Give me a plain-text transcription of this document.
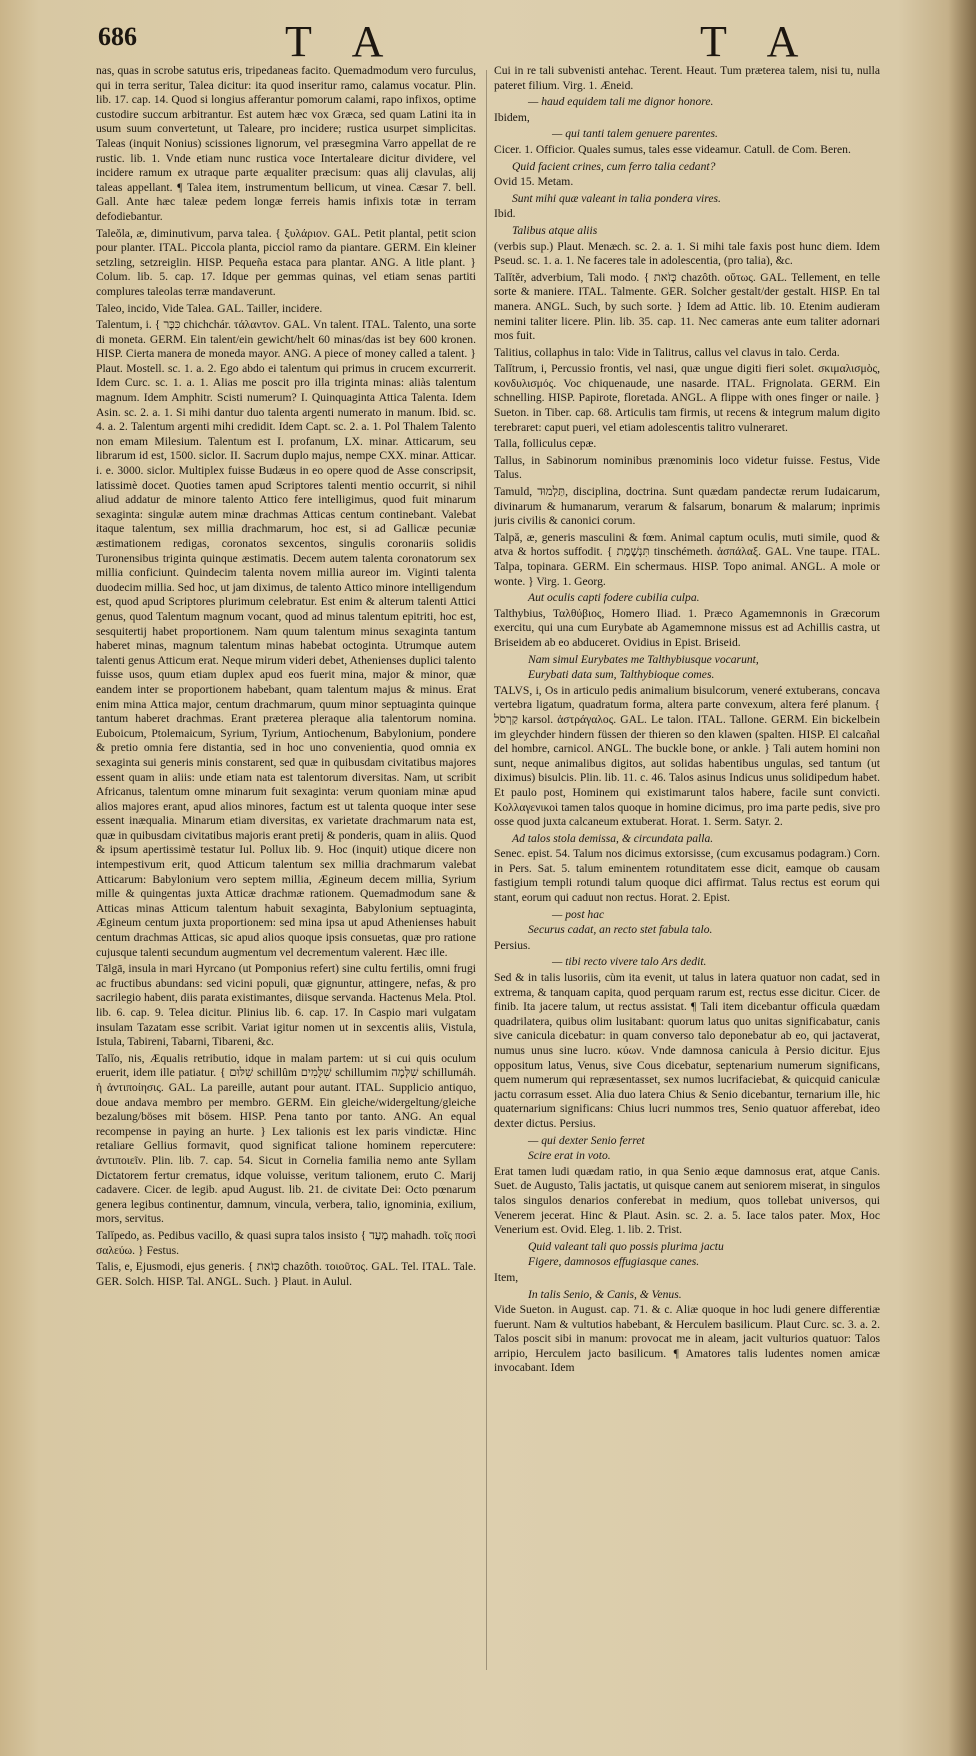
686	T A	T A

nas, quas in scrobe satutus eris, tripedaneas facito. Quemadmodum vero furculus, qui in terra seritur, Talea dicitur: ita quod inseritur ramo, calamus vocatur. Plin. lib. 17. cap. 14. Quod si longius afferantur pomorum calami, rapo infixos, optime custodire succum arbitrantur. Est autem hæc vox Græca, sed quam Latini ita in usum suum convertetunt, ut Taleare, pro incidere; rustica usurpet simplicitas. Taleas (inquit Nonius) scissiones lignorum, vel præsegmina Varro appellat de re rustic. lib. 1. Vnde etiam nunc rustica voce Intertaleare dicitur dividere, vel incidere ramum ex utraque parte æqualiter præcisum: quas alij clavulas, alij taleas appellant. ¶ Talea item, instrumentum bellicum, ut vinea. Cæsar 7. bell. Gall. Ante hæc taleæ pedem longæ ferreis hamis infixis totæ in terram defodiebantur.

Taleŏla, æ, diminutivum, parva talea. { ξυλάριον. GAL. Petit plantal, petit scion pour planter. ITAL. Piccola planta, picciol ramo da piantare. GERM. Ein kleiner setzling, setzreiglin. HISP. Pequeña estaca para plantar. ANG. A litle plant. } Colum. lib. 5. cap. 17. Idque per gemmas quinas, vel etiam senas partiti complures taleolas terræ mandaverunt.

Taleo, incido, Vide Talea. GAL. Tailler, incidere.

Talentum, i. { כִּכָּר chichchár. τάλαντον. GAL. Vn talent. ITAL. Talento, una sorte di moneta. GERM. Ein talent/ein gewicht/helt 60 minas/das ist bey 600 kronen. HISP. Cierta manera de moneda mayor. ANG. A piece of money called a talent. } Plaut. Mostell. sc. 1. a. 2. Ego abdo ei talentum qui primus in crucem excurrerit. Idem Curc. sc. 1. a. 1. Alias me poscit pro illa triginta minas: aliàs talentum magnum. Idem Amphitr. Scisti numerum? I. Quinquaginta Attica Talenta. Idem Asin. sc. 2. a. 1. Si mihi dantur duo talenta argenti numerato in manum. Ibid. sc. 4. a. 2. Talentum argenti mihi credidit. Idem Capt. sc. 2. a. 1. Pol Thalem Talento non emam Milesium. Talentum est I. profanum, LX. minar. Atticarum, seu librarum id est, 1500. siclor. II. Sacrum duplo majus, nempe CXX. minar. Atticar. i. e. 3000. siclor. Multiplex fuisse Budæus in eo opere quod de Asse conscripsit, latissimè docet. Quoties tamen apud Scriptores talenti mentio occurrit, si nihil aliud addatur de minore talento Attico fere intelligimus, quod fuit minarum sexaginta: singulæ autem minæ drachmas Atticas centum continebant. Valebat itaque talentum, sex millia drachmarum, hoc est, si ad Gallicæ pecuniæ æstimationem redigas, coronatos sexcentos, singulis coronariis solidis Turonensibus triginta quinque æstimatis. Decem autem talenta coronatorum sex millia conficiunt. Quindecim talenta novem millia aureor im. Viginti talenta duodecim millia. Sed hoc, ut jam diximus, de talento Attico minore intelligendum est, quod apud Scriptores plurimum celebratur. Est enim & alterum talenti Attici genus, quod Talentum magnum vocant, quod ad minus talentum epitriti, hoc est, sesquitertij habet proportionem. Nam quum talentum minus sexaginta tantum haberet minas, magnum talentum minas habebat octoginta. Utrumque autem talenti genus Atticum erat. Neque mirum videri debet, Athenienses duplici talento fuisse usos, quum etiam duplex apud eos fuerit mina, major & minor, quæ eandem inter se proportionem habebant, quam talentum majus & minus. Erat enim mina Attica major, centum drachmarum, quum minor septuaginta quinque tantum haberet drachmas. Erant præterea pleraque alia talentorum nomina. Euboicum, Ptolemaicum, Syrium, Tyrium, Antiochenum, Babylonium, pondere & pretio omnia fere distantia, sed in hoc uno convenientia, quod omnia ex sexaginta sui generis minis constarent, sed quæ in quibusdam civitatibus majores essent quam in aliis: unde etiam nata est talentorum diversitas. Nam, ut scribit Africanus, talentum omne minarum fuit sexaginta: verum quoniam minæ apud alios majores erant, apud alios minores, factum est ut talenta quoque inter sese essent inæqualia. Minarum etiam diversitas, ex varietate drachmarum nata est, quæ in quibusdam civitatibus majoris erant pretij & ponderis, quam in aliis. Quod & ipsum apertissimè testatur Iul. Pollux lib. 9. Hoc (inquit) utique dicere non intempestivum erit, quod Atticum talentum sex millia drachmarum valebat Atticarum: Babylonium vero septem millia, Ægineum decem millia, Syrium mille & quingentas juxta Atticæ drachmæ rationem. Quemadmodum sane & Atticas minas Atticum talentum habuit sexaginta, Babylonium septuaginta, Ægineum centum juxta proportionem: sed mina ipsa ut apud Athenienses habuit centum drachmas Atticas, sic apud alios quoque ipsis consuetas, quæ pro ratione cujusque talenti secundum augmentum vel decrementum valerent. Hæc ille.

Tālgā, insula in mari Hyrcano (ut Pomponius refert) sine cultu fertilis, omni frugi ac fructibus abundans: sed vicini populi, quæ gignuntur, attingere, nefas, & pro sacrilegio habent, diis parata existimantes, diisque servanda. Hactenus Mela. Ptol. lib. 6. cap. 9. Telea dicitur. Plinius lib. 6. cap. 17. In Caspio mari vulgatam insulam Tazatam esse scribit. Variat igitur nomen ut in sexcentis aliis, Vistula, Istula, Tabireni, Tabarni, Tibareni, &c.

Talĭo, nis, Æqualis retributio, idque in malam partem: ut si cui quis oculum eruerit, idem ille patiatur. { שִׁלּוּם schillûm שִׁלֻּמִים schillumim שִׁלְּמָה schillumáh. ἡ ἀντιποίησις. GAL. La pareille, autant pour autant. ITAL. Supplicio antiquo, doue andava membro per membro. GERM. Ein gleiche/widergeltung/gleiche bezalung/böses mit bösem. HISP. Pena tanto por tanto. ANG. An equal recompense in paying an hurte. } Lex talionis est lex paris vindictæ. Hinc retaliare Gellius formavit, quod significat talione hominem repercutere: ἀντιποιεῖν. Plin. lib. 7. cap. 54. Sicut in Cornelia familia nemo ante Syllam Dictatorem fertur crematus, idque voluisse, veritum talionem, eruto C. Marij cadavere. Cicer. de legib. apud August. lib. 21. de civitate Dei: Octo pœnarum genera legibus continentur, damnum, vincula, verbera, talio, ignominia, exilium, mors, servitus.

Talĭpedo, as. Pedibus vacillo, & quasi supra talos insisto { מָעַד mahadh. τοῖς ποσὶ σαλεύω. } Festus.

Talis, e, Ejusmodi, ejus generis. { כָּזֹאת chazôth. τοιοῦτος. GAL. Tel. ITAL. Tale. GER. Solch. HISP. Tal. ANGL. Such. } Plaut. in Aulul.

Cui in re tali subvenisti antehac. Terent. Heaut. Tum præterea talem, nisi tu, nulla pateret filium. Virg. 1. Æneid.

— haud equidem tali me dignor honore.

Ibidem,

— qui tanti talem genuere parentes.

Cicer. 1. Officior. Quales sumus, tales esse videamur. Catull. de Com. Beren.

Quid facient crines, cum ferro talia cedant?

Ovid 15. Metam.

Sunt mihi quæ valeant in talia pondera vires.

Ibid.

Talibus atque aliis

(verbis sup.) Plaut. Menæch. sc. 2. a. 1. Si mihi tale faxis post hunc diem. Idem Pseud. sc. 1. a. 1. Ne faceres tale in adolescentia, (pro talia), &c.

Talĭtĕr, adverbium, Tali modo. { כָּזֹאת chazôth. οὕτως. GAL. Tellement, en telle sorte & maniere. ITAL. Talmente. GER. Solcher gestalt/der gestalt. HISP. En tal manera. ANGL. Such, by such sorte. } Idem ad Attic. lib. 10. Etenim audieram nemini taliter licere. Plin. lib. 35. cap. 11. Nec cameras ante eum taliter adornari mos fuit.

Talitius, collaphus in talo: Vide in Talitrus, callus vel clavus in talo. Cerda.

Talĭtrum, i, Percussio frontis, vel nasi, quæ ungue digiti fieri solet. σκιμαλισμὸς, κονδυλισμός. Voc chiquenaude, une nasarde. ITAL. Frignolata. GERM. Ein schnelling. HISP. Papirote, floretada. ANGL. A flippe with ones finger or naile. } Sueton. in Tiber. cap. 68. Articulis tam firmis, ut recens & integrum malum digito terebraret: caput pueri, vel etiam adolescentis talitro vulneraret.

Talla, folliculus cepæ.

Tallus, in Sabinorum nominibus prænominis loco videtur fuisse. Festus, Vide Talus.

Tamuld, תַּלְמוּד, disciplina, doctrina. Sunt quædam pandectæ rerum Iudaicarum, divinarum & humanarum, verarum & falsarum, bonarum & malarum; inprimis juris civilis & canonici corum.

Talpă, æ, generis masculini & fœm. Animal captum oculis, muti simile, quod & atva & hortos suffodit. { תִּנְשֶׁמֶת tinschémeth. ἀσπάλαξ. GAL. Vne taupe. ITAL. Talpa, topinara. GERM. Ein schermaus. HISP. Topo animal. ANGL. A mole or wonte. } Virg. 1. Georg.

Aut oculis capti fodere cubilia culpa.

Talthybius, Ταλθύβιος, Homero Iliad. 1. Præco Agamemnonis in Græcorum exercitu, qui una cum Eurybate ab Agamemnone missus est ad Achillis castra, ut Briseidem ab eo abduceret. Ovidius in Epist. Briseid.

Nam simul Eurybates me Talthybiusque vocarunt,

Eurybati data sum, Talthybioque comes.

TALVS, i, Os in articulo pedis animalium bisulcorum, veneré extuberans, concava vertebra ligatum, quadratum forma, altera parte convexum, altera feré planum. { קַרְסֹל karsol. ἀστράγαλος. GAL. Le talon. ITAL. Tallone. GERM. Ein bickelbein im gleychder hindern füssen der thieren so den klawen (spalten. HISP. El calcañal del hombre, carnicol. ANGL. The buckle bone, or ankle. } Tali autem homini non sunt, neque animalibus digitos, aut solidas habentibus ungulas, sed tantum (ut diximus) bisulcis. Plin. lib. 11. c. 46. Talos asinus Indicus unus solidipedum habet. Et paulo post, Hominem qui existimarunt talos habere, facile sunt convicti. Κολλαγενικοὶ tamen talos quoque in homine dicimus, pro ima parte pedis, sive pro osse quod juxta calcaneum extuberat. Horat. 1. Serm. Satyr. 2.

Ad talos stola demissa, & circundata palla.

Senec. epist. 54. Talum nos dicimus extorsisse, (cum excusamus podagram.) Corn. in Pers. Sat. 5. talum eminentem rotunditatem esse dicit, eamque ob causam fastigium templi rotundi talum quoque dici affirmat. Talus rectus est eorum qui stant, eorum qui caduut non rectus. Horat. 2. Epist.

— post hac

Securus cadat, an recto stet fabula talo.

Persius.

— tibi recto vivere talo Ars dedit.

Sed & in talis lusoriis, cùm ita evenit, ut talus in latera quatuor non cadat, sed in extrema, & tanquam capita, quod perquam rarum est, rectus esse dicitur. Cicer. de finib. Ita jacere talum, ut rectus assistat. ¶ Tali item dicebantur officula quædam quadrilatera, quibus olim lusitabant: quorum latus quo unitas significabatur, canis sive canicula dicebatur: in quam converso talo deponebatur ab eo, qui jactaverat, numus unus sine lucro. κύων. Vnde damnosa canicula à Persio dicitur. Ejus oppositum latus, Venus, sive Cous dicebatur, septenarium numerum significans, quem numerum qui repræsentasset, sex numos lucrifaciebat, & quicquid caniculæ jactu corrasum esset. Alia duo latera Chius & Senio dicebantur, ternarium ille, hic quaternarium significans: Chius lucri nummos tres, Senio quatuor afferebat, ideo dexter dictus. Persius.

— qui dexter Senio ferret

Scire erat in voto.

Erat tamen ludi quædam ratio, in qua Senio æque damnosus erat, atque Canis. Suet. de Augusto, Talis jactatis, ut quisque canem aut seniorem miserat, in singulos talos singulos denarios conferebat in medium, quos tollebat universos, qui Venerem jecerat. Hinc & Plaut. Asin. sc. 2. a. 5. Iace talos pater. Mox, Hoc Venerium est. Ovid. Eleg. 1. lib. 2. Trist.

Quid valeant tali quo possis plurima jactu

Figere, damnosos effugiasque canes.

Item,

In talis Senio, & Canis, & Venus.

Vide Sueton. in August. cap. 71. & c. Aliæ quoque in hoc ludi genere differentiæ fuerunt. Nam & vultutios habebant, & Herculem basilicum. Plaut Curc. sc. 3. a. 2. Talos poscit sibi in manum: provocat me in aleam, jacit vulturios quatuor: Talos arripio, Herculem jacto basilicum. ¶ Amatores talis ludentes nomen amicæ invocabant. Idem
